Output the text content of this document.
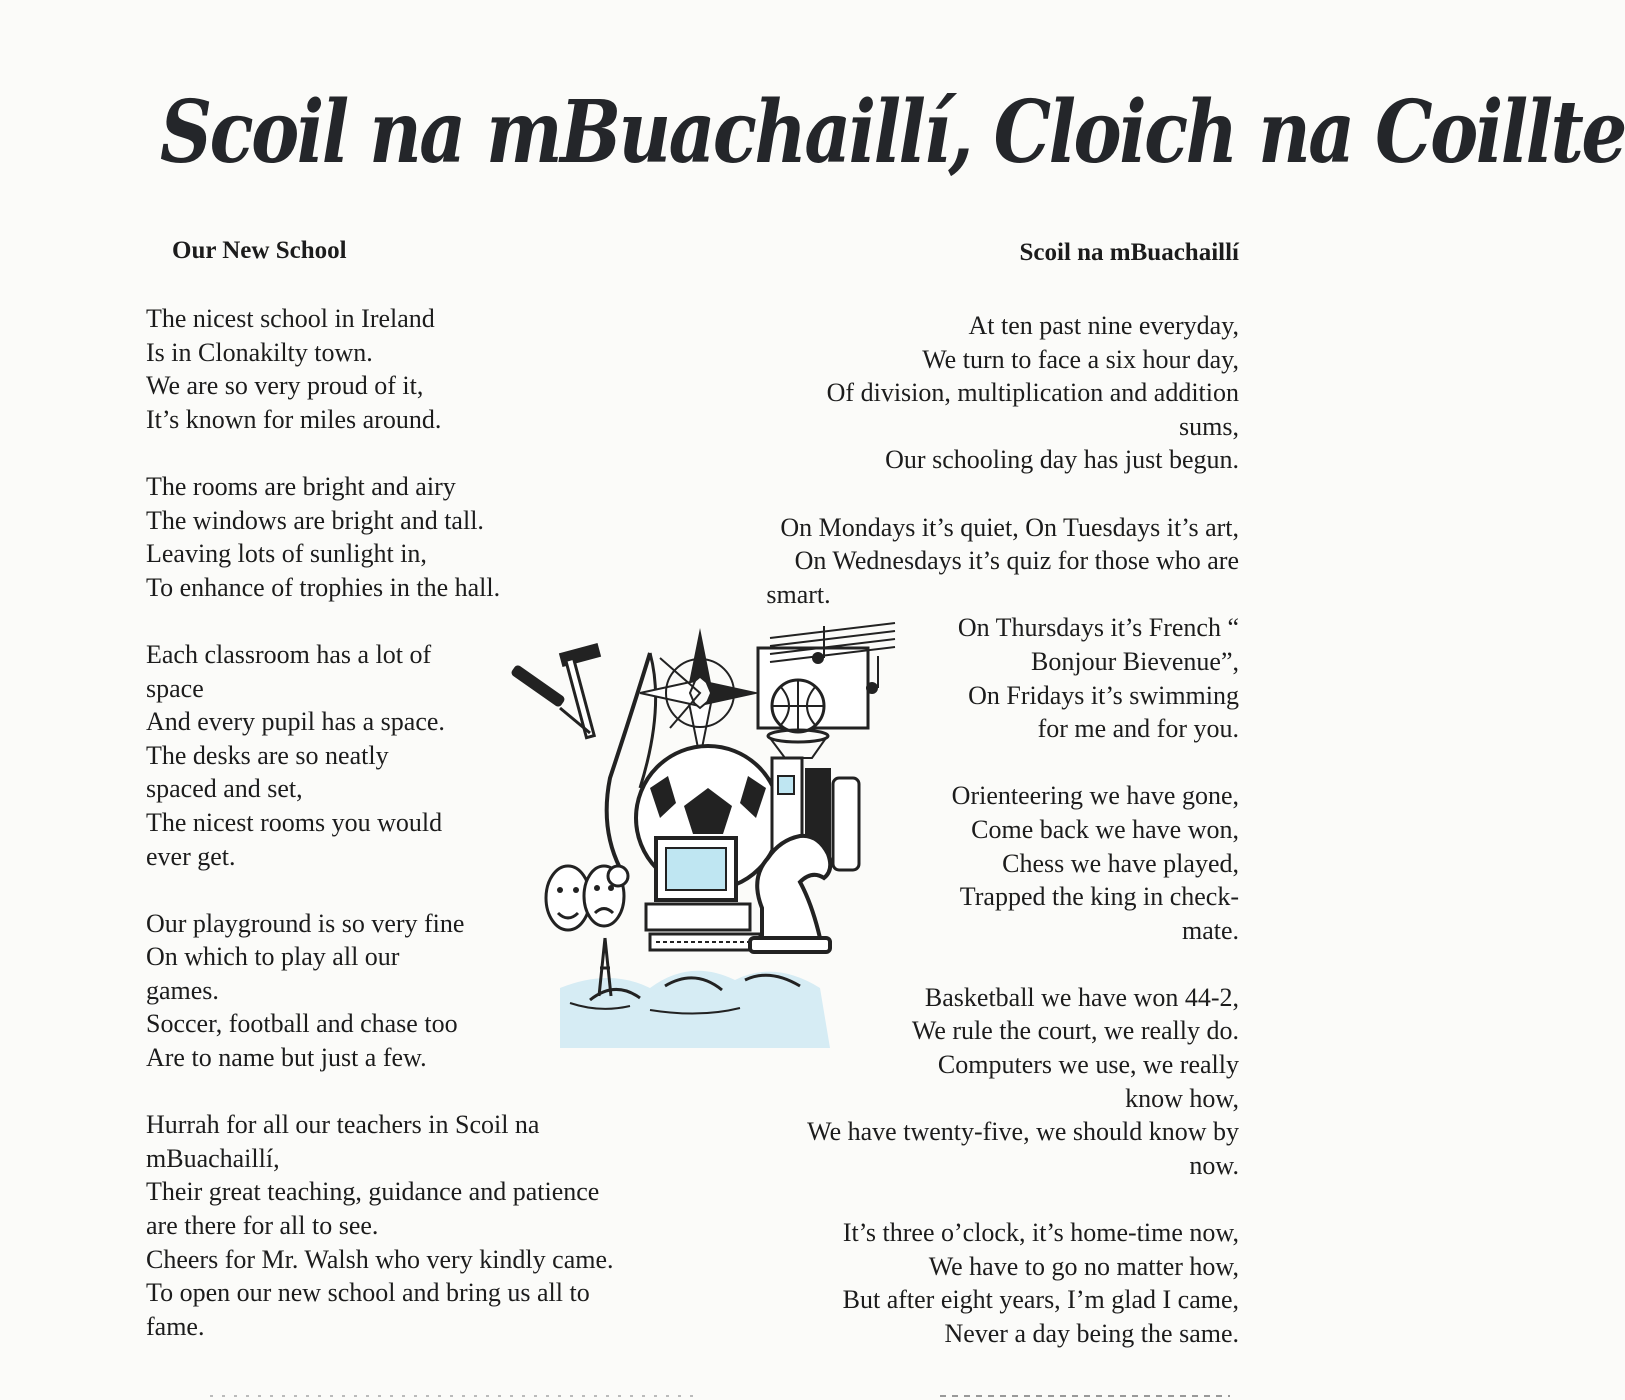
Scoil na mBuachaillí, Cloich na Coillte
Our New School	Scoil na mBuachaillí
The nicest school in Ireland
Is in Clonakilty town.
We are so very proud of it,
It’s known for miles around.
The rooms are bright and airy
The windows are bright and tall.
Leaving lots of sunlight in,
To enhance of trophies in the hall.
Each classroom has a lot of
space
And every pupil has a space.
The desks are so neatly
spaced and set,
The nicest rooms you would
ever get.
Our playground is so very fine
On which to play all our
games.
Soccer, football and chase too
Are to name but just a few.
Hurrah for all our teachers in Scoil na
mBuachaillí,
Their great teaching, guidance and patience
are there for all to see.
Cheers for Mr. Walsh who very kindly came.
To open our new school and bring us all to
fame.
At ten past nine everyday,
We turn to face a six hour day,
Of division, multiplication and addition
sums,
Our schooling day has just begun.
On Mondays it’s quiet, On Tuesdays it’s art,
On Wednesdays it’s quiz for those who are
smart.
On Thursdays it’s French “
Bonjour Bievenue”,
On Fridays it’s swimming
for me and for you.
Orienteering we have gone,
Come back we have won,
Chess we have played,
Trapped the king in check-
mate.
Basketball we have won 44-2,
We rule the court, we really do.
Computers we use, we really
know how,
We have twenty-five, we should know by
now.
It’s three o’clock, it’s home-time now,
We have to go no matter how,
But after eight years, I’m glad I came,
Never a day being the same.
